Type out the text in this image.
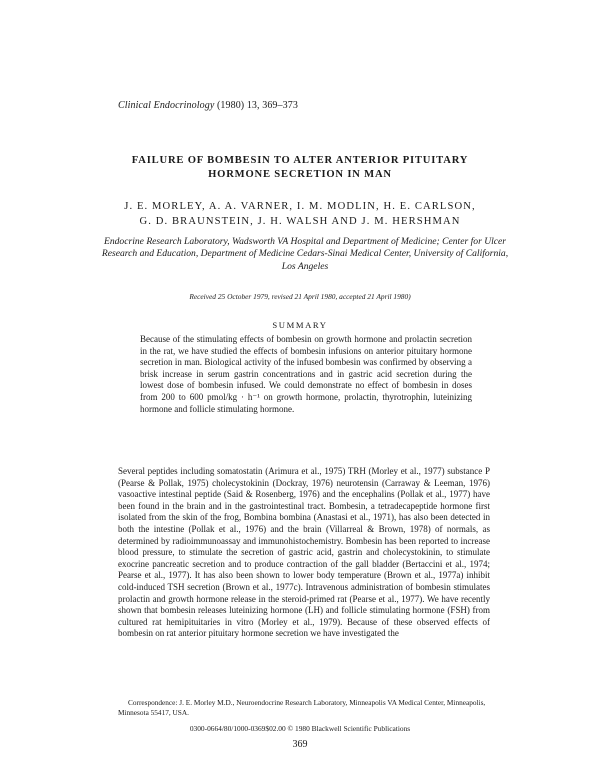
Clinical Endocrinology (1980) 13, 369–373
FAILURE OF BOMBESIN TO ALTER ANTERIOR PITUITARY
HORMONE SECRETION IN MAN
J. E. MORLEY, A. A. VARNER, I. M. MODLIN, H. E. CARLSON,
G. D. BRAUNSTEIN, J. H. WALSH AND J. M. HERSHMAN
Endocrine Research Laboratory, Wadsworth VA Hospital and Department of Medicine; Center for Ulcer Research and Education, Department of Medicine Cedars-Sinai Medical Center, University of California, Los Angeles
Received 25 October 1979, revised 21 April 1980, accepted 21 April 1980)
SUMMARY

Because of the stimulating effects of bombesin on growth hormone and prolactin secretion in the rat, we have studied the effects of bombesin infusions on anterior pituitary hormone secretion in man. Biological activity of the infused bombesin was confirmed by observing a brisk increase in serum gastrin concentrations and in gastric acid secretion during the lowest dose of bombesin infused. We could demonstrate no effect of bombesin in doses from 200 to 600 pmol/kg · h⁻¹ on growth hormone, prolactin, thyrotrophin, luteinizing hormone and follicle stimulating hormone.

Several peptides including somatostatin (Arimura et al., 1975) TRH (Morley et al., 1977) substance P (Pearse & Pollak, 1975) cholecystokinin (Dockray, 1976) neurotensin (Carraway & Leeman, 1976) vasoactive intestinal peptide (Said & Rosenberg, 1976) and the encephalins (Pollak et al., 1977) have been found in the brain and in the gastrointestinal tract. Bombesin, a tetradecapeptide hormone first isolated from the skin of the frog, Bombina bombina (Anastasi et al., 1971), has also been detected in both the intestine (Pollak et al., 1976) and the brain (Villarreal & Brown, 1978) of normals, as determined by radioimmunoassay and immunohistochemistry. Bombesin has been reported to increase blood pressure, to stimulate the secretion of gastric acid, gastrin and cholecystokinin, to stimulate exocrine pancreatic secretion and to produce contraction of the gall bladder (Bertaccini et al., 1974; Pearse et al., 1977). It has also been shown to lower body temperature (Brown et al., 1977a) inhibit cold-induced TSH secretion (Brown et al., 1977c). Intravenous administration of bombesin stimulates prolactin and growth hormone release in the steroid-primed rat (Pearse et al., 1977). We have recently shown that bombesin releases luteinizing hormone (LH) and follicle stimulating hormone (FSH) from cultured rat hemipituitaries in vitro (Morley et al., 1979). Because of these observed effects of bombesin on rat anterior pituitary hormone secretion we have investigated the

Correspondence: J. E. Morley M.D., Neuroendocrine Research Laboratory, Minneapolis VA Medical Center, Minneapolis, Minnesota 55417, USA.

0300-0664/80/1000-0369$02.00 © 1980 Blackwell Scientific Publications
369
